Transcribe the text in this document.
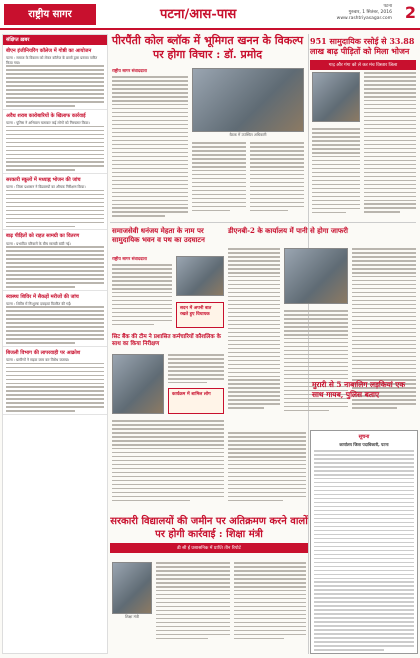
राष्ट्रीय सागर	पटना/आस-पास
पटना
गुरुवार, 1 सितंबर, 2016
www.rashtriyasagar.com 2
संक्षिप्त ख़बर
बीएन इंजीनियरिंग कॉलेज में गोष्ठी का आयोजन

पटना : समाज के विकास को लेकर कॉलेज के छात्रों द्वारा प्रस्ताव पारित किया गया।

अवैध शराब कारोबारियों के खिलाफ कार्रवाई

पटना : पुलिस ने अभियान चलाकर कई लोगों को गिरफ्तार किया।

सरकारी स्कूलों में मध्याह्न भोजन की जांच

पटना : जिला प्रशासन ने विद्यालयों का औचक निरीक्षण किया।

बाढ़ पीड़ितों को राहत सामग्री का वितरण

पटना : प्रभावित परिवारों के बीच सामग्री बांटी गई।

स्वास्थ्य शिविर में सैकड़ों मरीजों की जांच

पटना : शिविर में निःशुल्क दवाइयां वितरित की गईं।

बिजली विभाग की लापरवाही पर आक्रोश

पटना : ग्रामीणों ने सड़क जाम कर विरोध जताया।

पीरपैंती कोल ब्लॉक में भूमिगत खनन के विकल्प पर होगा विचार : डॉ. प्रमोद
बैठक में उपस्थित अधिकारी
राष्ट्रीय सागर संवाददाता
951 सामुदायिक रसोई से 33.88 लाख बाढ़ पीड़ितों को मिला भोजन
गाद़ और गंगा को ले कर मंच विस्तार जिला
समाजसेवी धनंजय मेहता के नाम पर सामुदायिक भवन व पथ का उदघाटन
डीएनबी-2 के कार्यालय में पानी से होगा जाफरी
सदन में अपनी बात रखते हुए विधायक
राष्ट्रीय सागर संवाददाता
सिट बैंक की टीम ने प्रशासित कर्मचारियों कौशलिक के साथ का किया निरीक्षण
कार्यक्रम में शामिल लोग
मुरारी से 5 नाबालिग लड़कियां एक साथ गायब, पुलिस बताए
सूचना
कार्यालय जिला पदाधिकारी, पटना
सरकारी विद्यालयों की जमीन पर अतिक्रमण करने वालों पर होगी कार्रवाई : शिक्षा मंत्री
डी सी ई प्रशासनिक में प्राप्ति तीन रिपोर्ट
शिक्षा मंत्री
